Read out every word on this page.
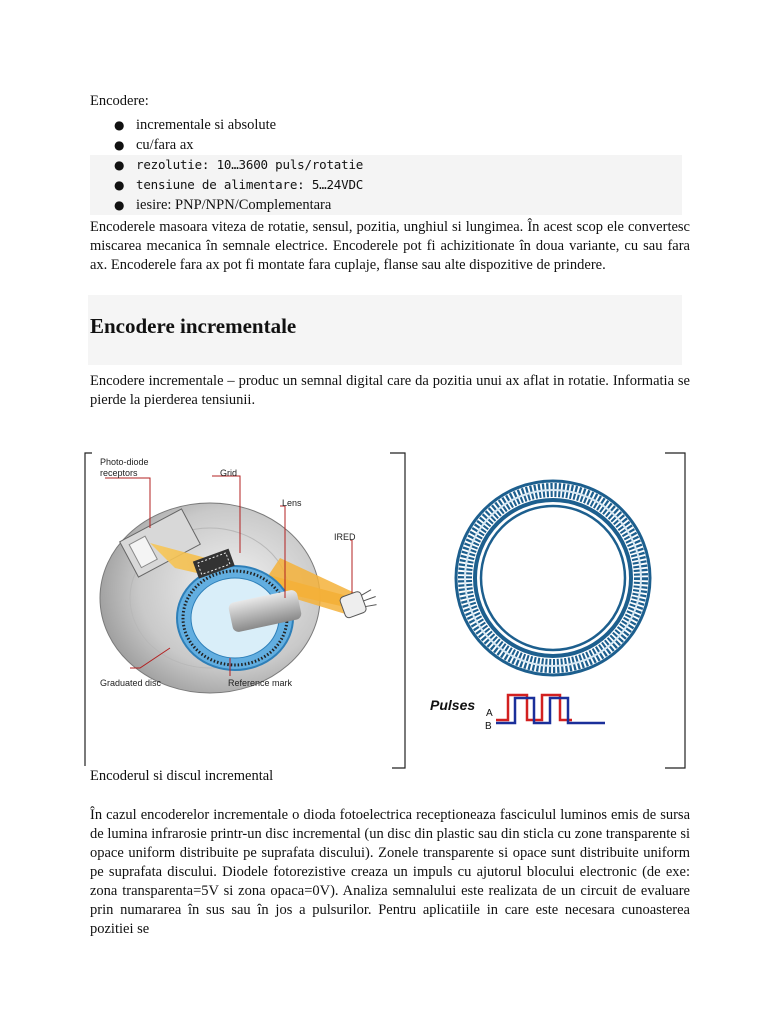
Encodere:
● incrementale si absolute
● cu/fara ax
● rezolutie: 10…3600 puls/rotatie
● tensiune de alimentare: 5…24VDC
● iesire: PNP/NPN/Complementara
Encoderele masoara viteza de rotatie, sensul, pozitia, unghiul si lungimea. În acest scop ele convertesc miscarea mecanica în semnale electrice. Encoderele pot fi achizitionate în doua variante, cu sau fara ax. Encoderele fara ax pot fi montate fara cuplaje, flanse sau alte dispozitive de prindere.
Encodere incrementale
Encodere incrementale – produc un semnal digital care da pozitia unui ax aflat in rotatie. Informatia se pierde la pierderea tensiunii.
Photo-diode
receptors	Grid
Lens
IRED
Graduated disc	Reference mark
Pulses
A
B
Encoderul si discul incremental
În cazul encoderelor incrementale o dioda fotoelectrica receptioneaza fasciculul luminos emis de sursa de lumina infrarosie printr-un disc incremental (un disc din plastic sau din sticla cu zone transparente si opace uniform distribuite pe suprafata discului). Zonele transparente si opace sunt distribuite uniform pe suprafata discului. Diodele fotorezistive creaza un impuls cu ajutorul blocului electronic (de exe: zona transparenta=5V si zona opaca=0V). Analiza semnalului este realizata de un circuit de evaluare prin numararea în sus sau în jos a pulsurilor. Pentru aplicatiile in care este necesara cunoasterea pozitiei se
